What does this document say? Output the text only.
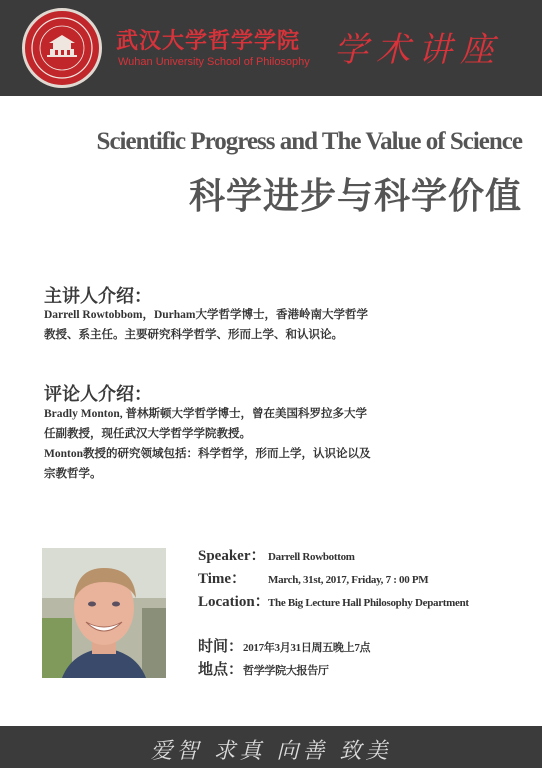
武汉大学哲学学院
Wuhan University School of Philosophy 学术讲座
Scientific Progress and The Value of Science
科学进步与科学价值
主讲人介绍：
Darrell Rowtobbom，Durham大学哲学博士，香港岭南大学哲学
教授、系主任。主要研究科学哲学、形而上学、和认识论。
评论人介绍：
Bradly Monton, 普林斯顿大学哲学博士，曾在美国科罗拉多大学
任副教授，现任武汉大学哲学学院教授。
Monton教授的研究领域包括：科学哲学，形而上学，认识论以及
宗教哲学。
Speaker： Darrell Rowbottom
Time： March, 31st, 2017, Friday, 7 : 00 PM
Location：The Big Lecture Hall Philosophy Department
时间：2017年3月31日周五晚上7点
地点：哲学学院大报告厅
爱智 求真 向善 致美
